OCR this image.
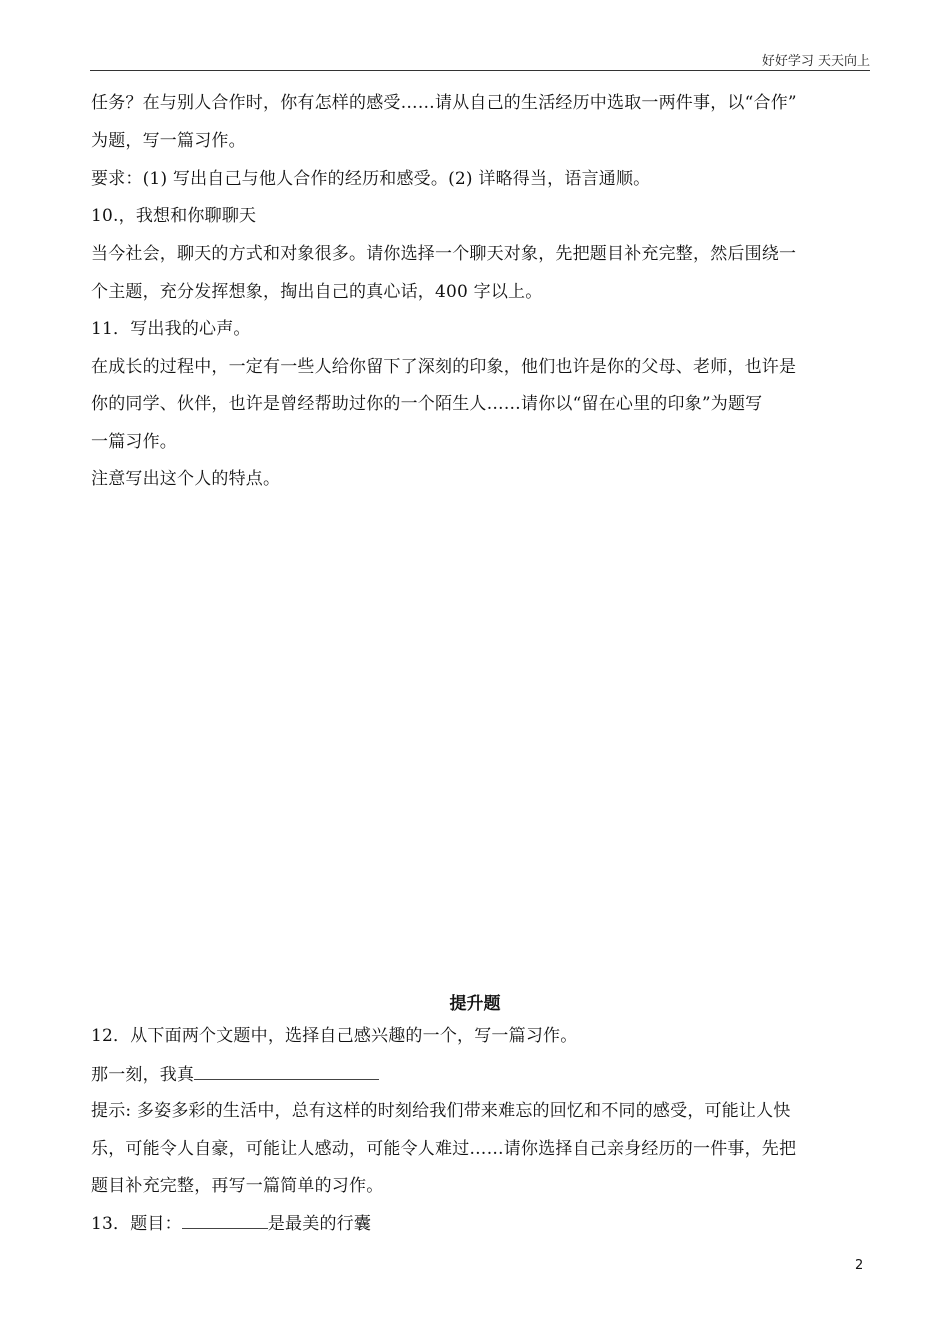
好好学习 天天向上
任务？在与别人合作时，你有怎样的感受……请从自己的生活经历中选取一两件事，以“合作”
为题，写一篇习作。
要求：(1) 写出自己与他人合作的经历和感受。(2) 详略得当，语言通顺。
10.，我想和你聊聊天
当今社会，聊天的方式和对象很多。请你选择一个聊天对象，先把题目补充完整，然后围绕一
个主题，充分发挥想象，掏出自己的真心话，400 字以上。
11．写出我的心声。
在成长的过程中，一定有一些人给你留下了深刻的印象，他们也许是你的父母、老师，也许是
你的同学、伙伴，也许是曾经帮助过你的一个陌生人……请你以“留在心里的印象”为题写
一篇习作。
注意写出这个人的特点。
提升题
12．从下面两个文题中，选择自己感兴趣的一个，写一篇习作。
那一刻，我真
提示: 多姿多彩的生活中，总有这样的时刻给我们带来难忘的回忆和不同的感受，可能让人快
乐，可能令人自豪，可能让人感动，可能令人难过……请你选择自己亲身经历的一件事，先把
题目补充完整，再写一篇简单的习作。
13．题目：	是最美的行囊
2
